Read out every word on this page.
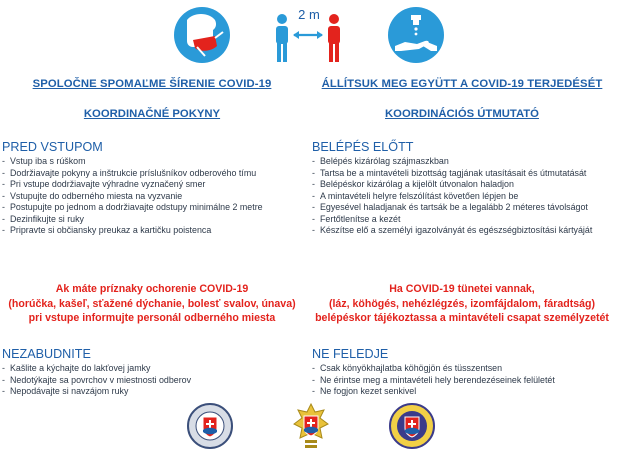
2 m
SPOLOČNE SPOMAĽME ŠÍRENIE COVID-19
KOORDINAČNÉ POKYNY
PRED VSTUPOM
- Vstup iba s rúškom
- Dodržiavajte pokyny a inštrukcie príslušníkov odberového tímu
- Pri vstupe dodržiavajte výhradne vyznačený smer
- Vstupujte do odberného miesta na vyzvanie
- Postupujte po jednom a dodržiavajte odstupy minimálne 2 metre
- Dezinfikujte si ruky
- Pripravte si občiansky preukaz a kartičku poistenca
ÁLLÍTSUK MEG EGYÜTT A COVID-19 TERJEDÉSÉT
KOORDINÁCIÓS ÚTMUTATÓ
BELÉPÉS ELŐTT
- Belépés kizárólag szájmaszkban
- Tartsa be a mintavételi bizottság tagjának utasításait és útmutatását
- Belépéskor kizárólag a kijelölt útvonalon haladjon
- A mintavételi helyre felszólítást követően lépjen be
- Egyesével haladjanak és tartsák be a legalább 2 méteres távolságot
- Fertőtlenítse a kezét
- Készítse elő a személyi igazolványát és egészségbiztosítási kártyáját
Ak máte príznaky ochorenie COVID-19
(horúčka, kašeľ, sťažené dýchanie, bolesť svalov, únava)
pri vstupe informujte personál odberného miesta
Ha COVID-19 tünetei vannak,
(láz, köhögés, nehézlégzés, izomfájdalom, fáradtság)
belépéskor tájékoztassa a mintavételi csapat személyzetét
NEZABUDNITE
- Kašlite a kýchajte do lakťovej jamky
- Nedotýkajte sa povrchov v miestnosti odberov
- Nepodávajte si navzájom ruky
NE FELEDJE
- Csak könyökhajlatba köhögjön és tüsszentsen
- Ne érintse meg a mintavételi hely berendezéseinek felületét
- Ne fogjon kezet senkivel
